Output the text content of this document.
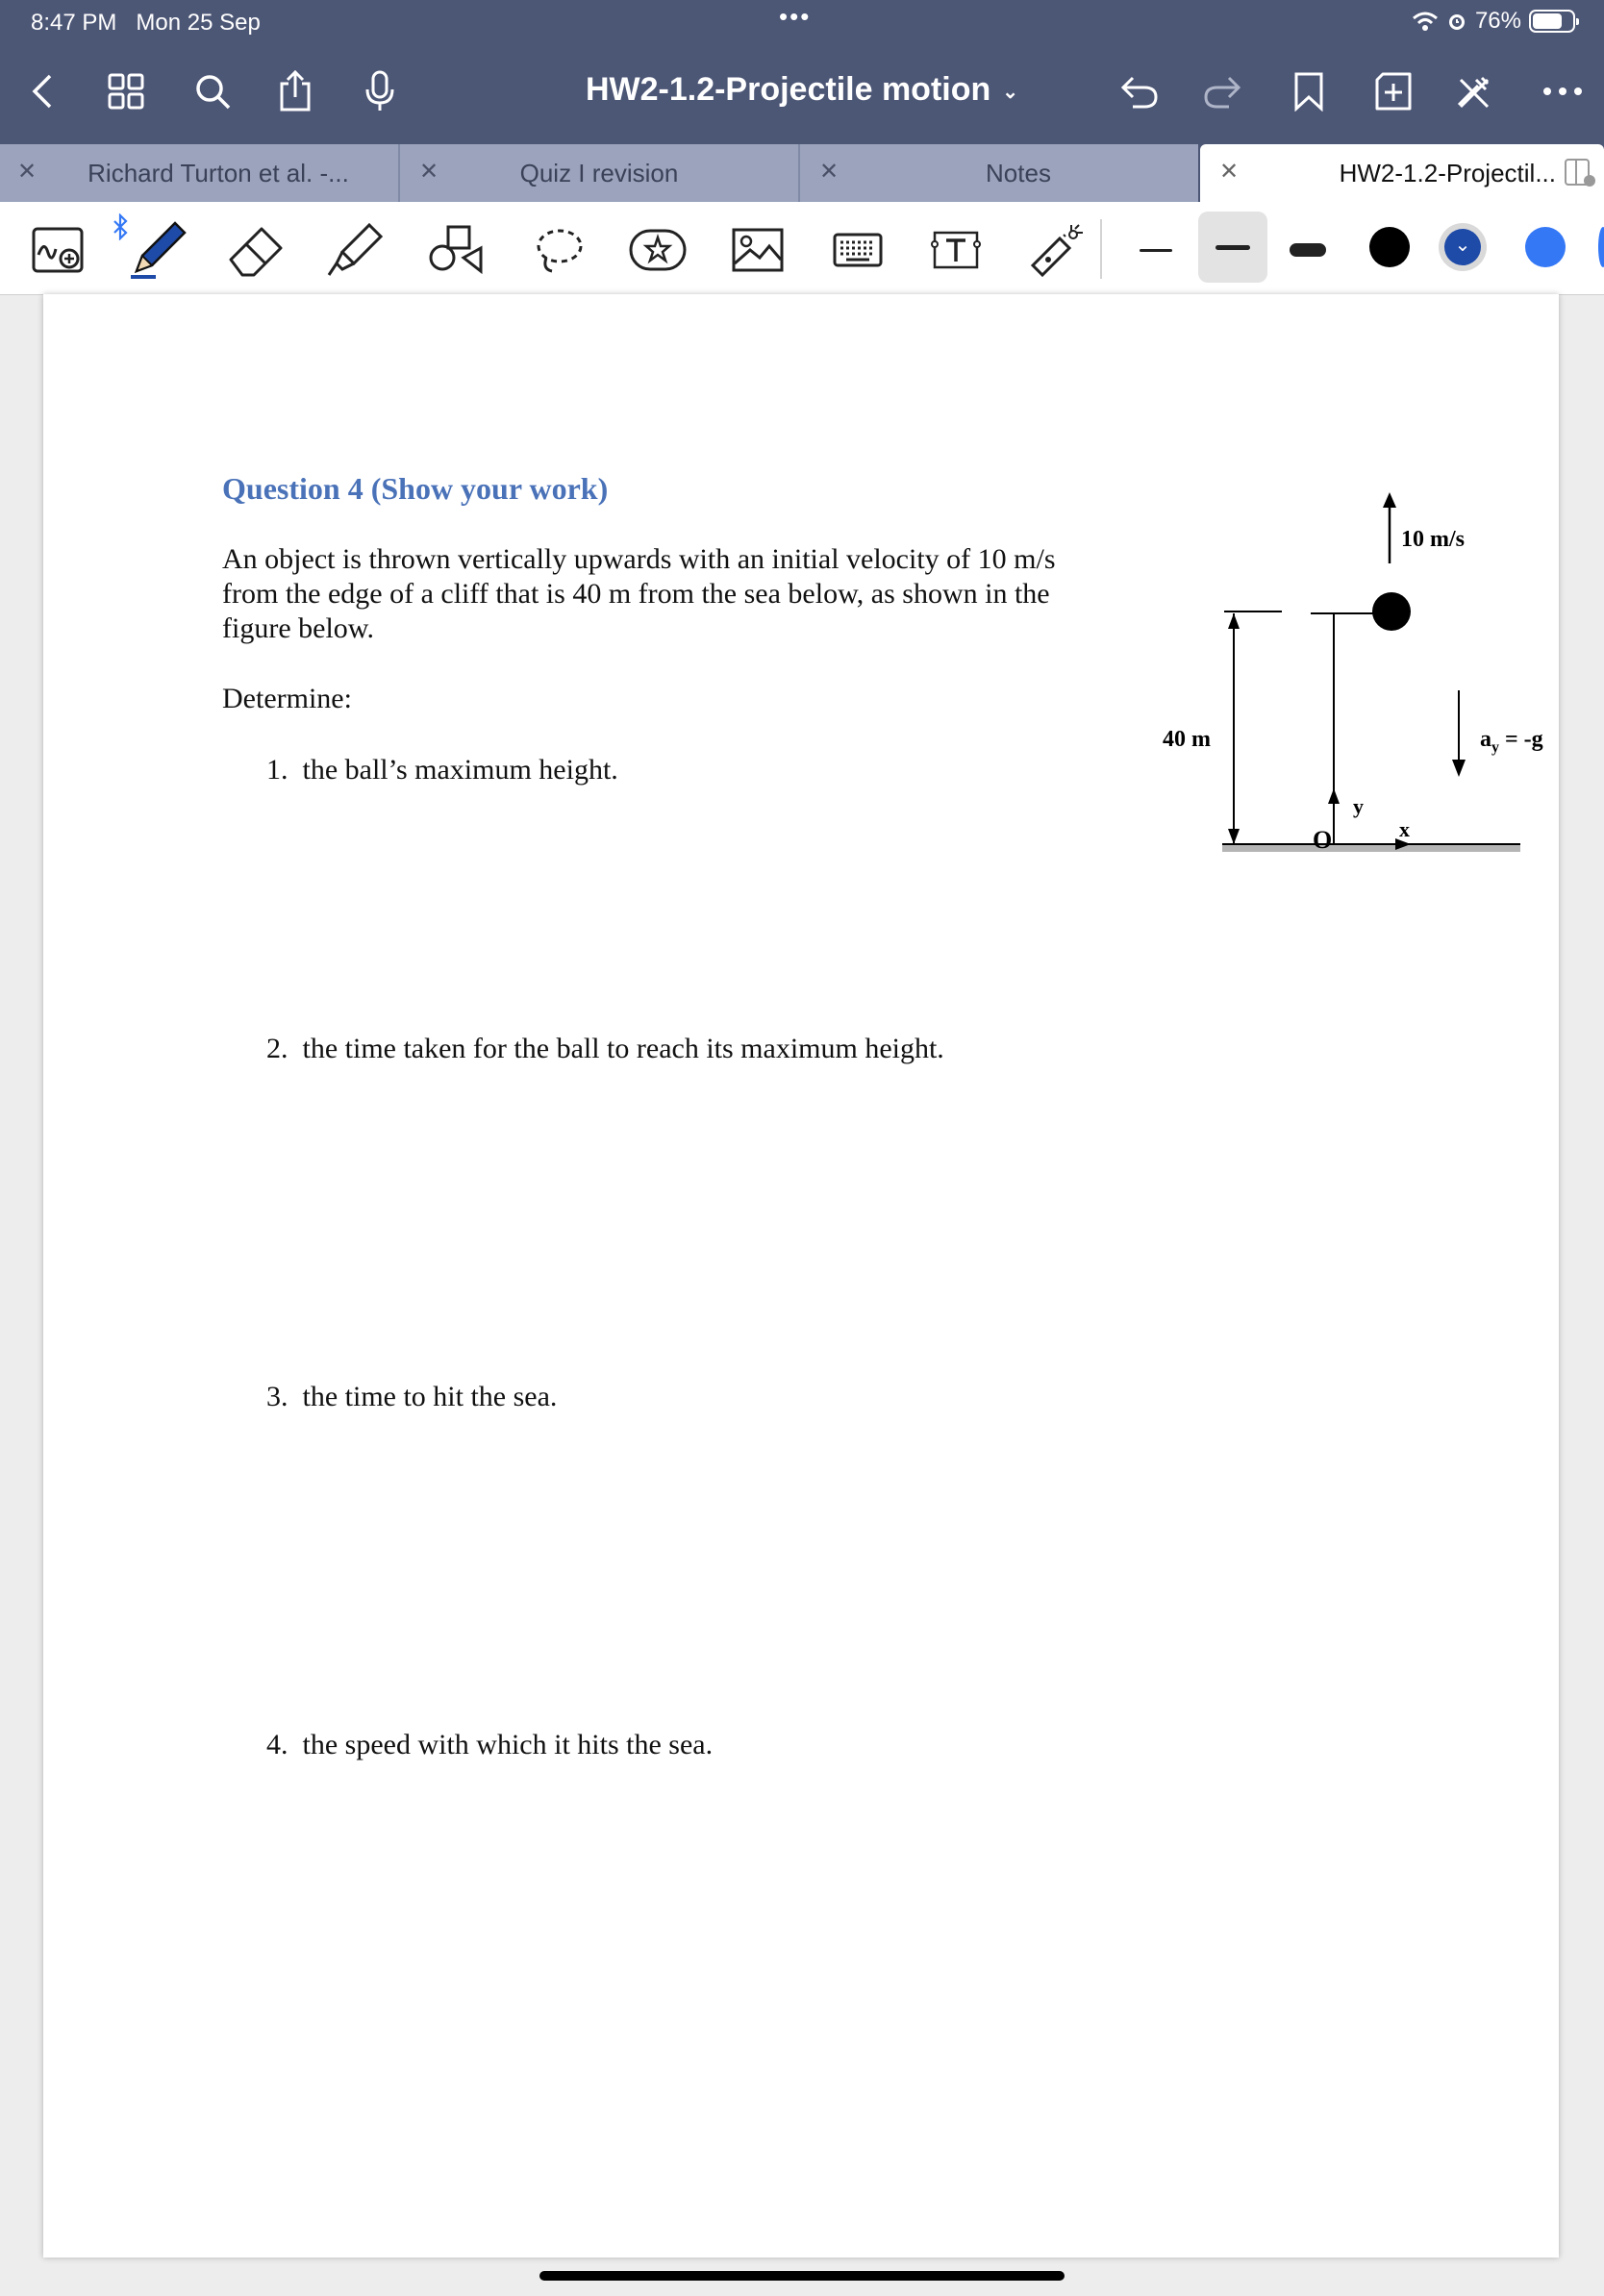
8:47 PM Mon 25 Sep	•••	76%
HW2-1.2-Projectile motion ⌄
✕	Richard Turton et al. -...	✕	Quiz I revision	✕	Notes	✕	HW2-1.2-Projectil...
⌄
Question 4 (Show your work)
An object is thrown vertically upwards with an initial velocity of 10 m/s from the edge of a cliff that is 40 m from the sea below, as shown in the figure below.
Determine:
1. the ball’s maximum height.
2. the time taken for the ball to reach its maximum height.
3. the time to hit the sea.
4. the speed with which it hits the sea.
10 m/s
40 m	$a_y = -g$
y
x
O
